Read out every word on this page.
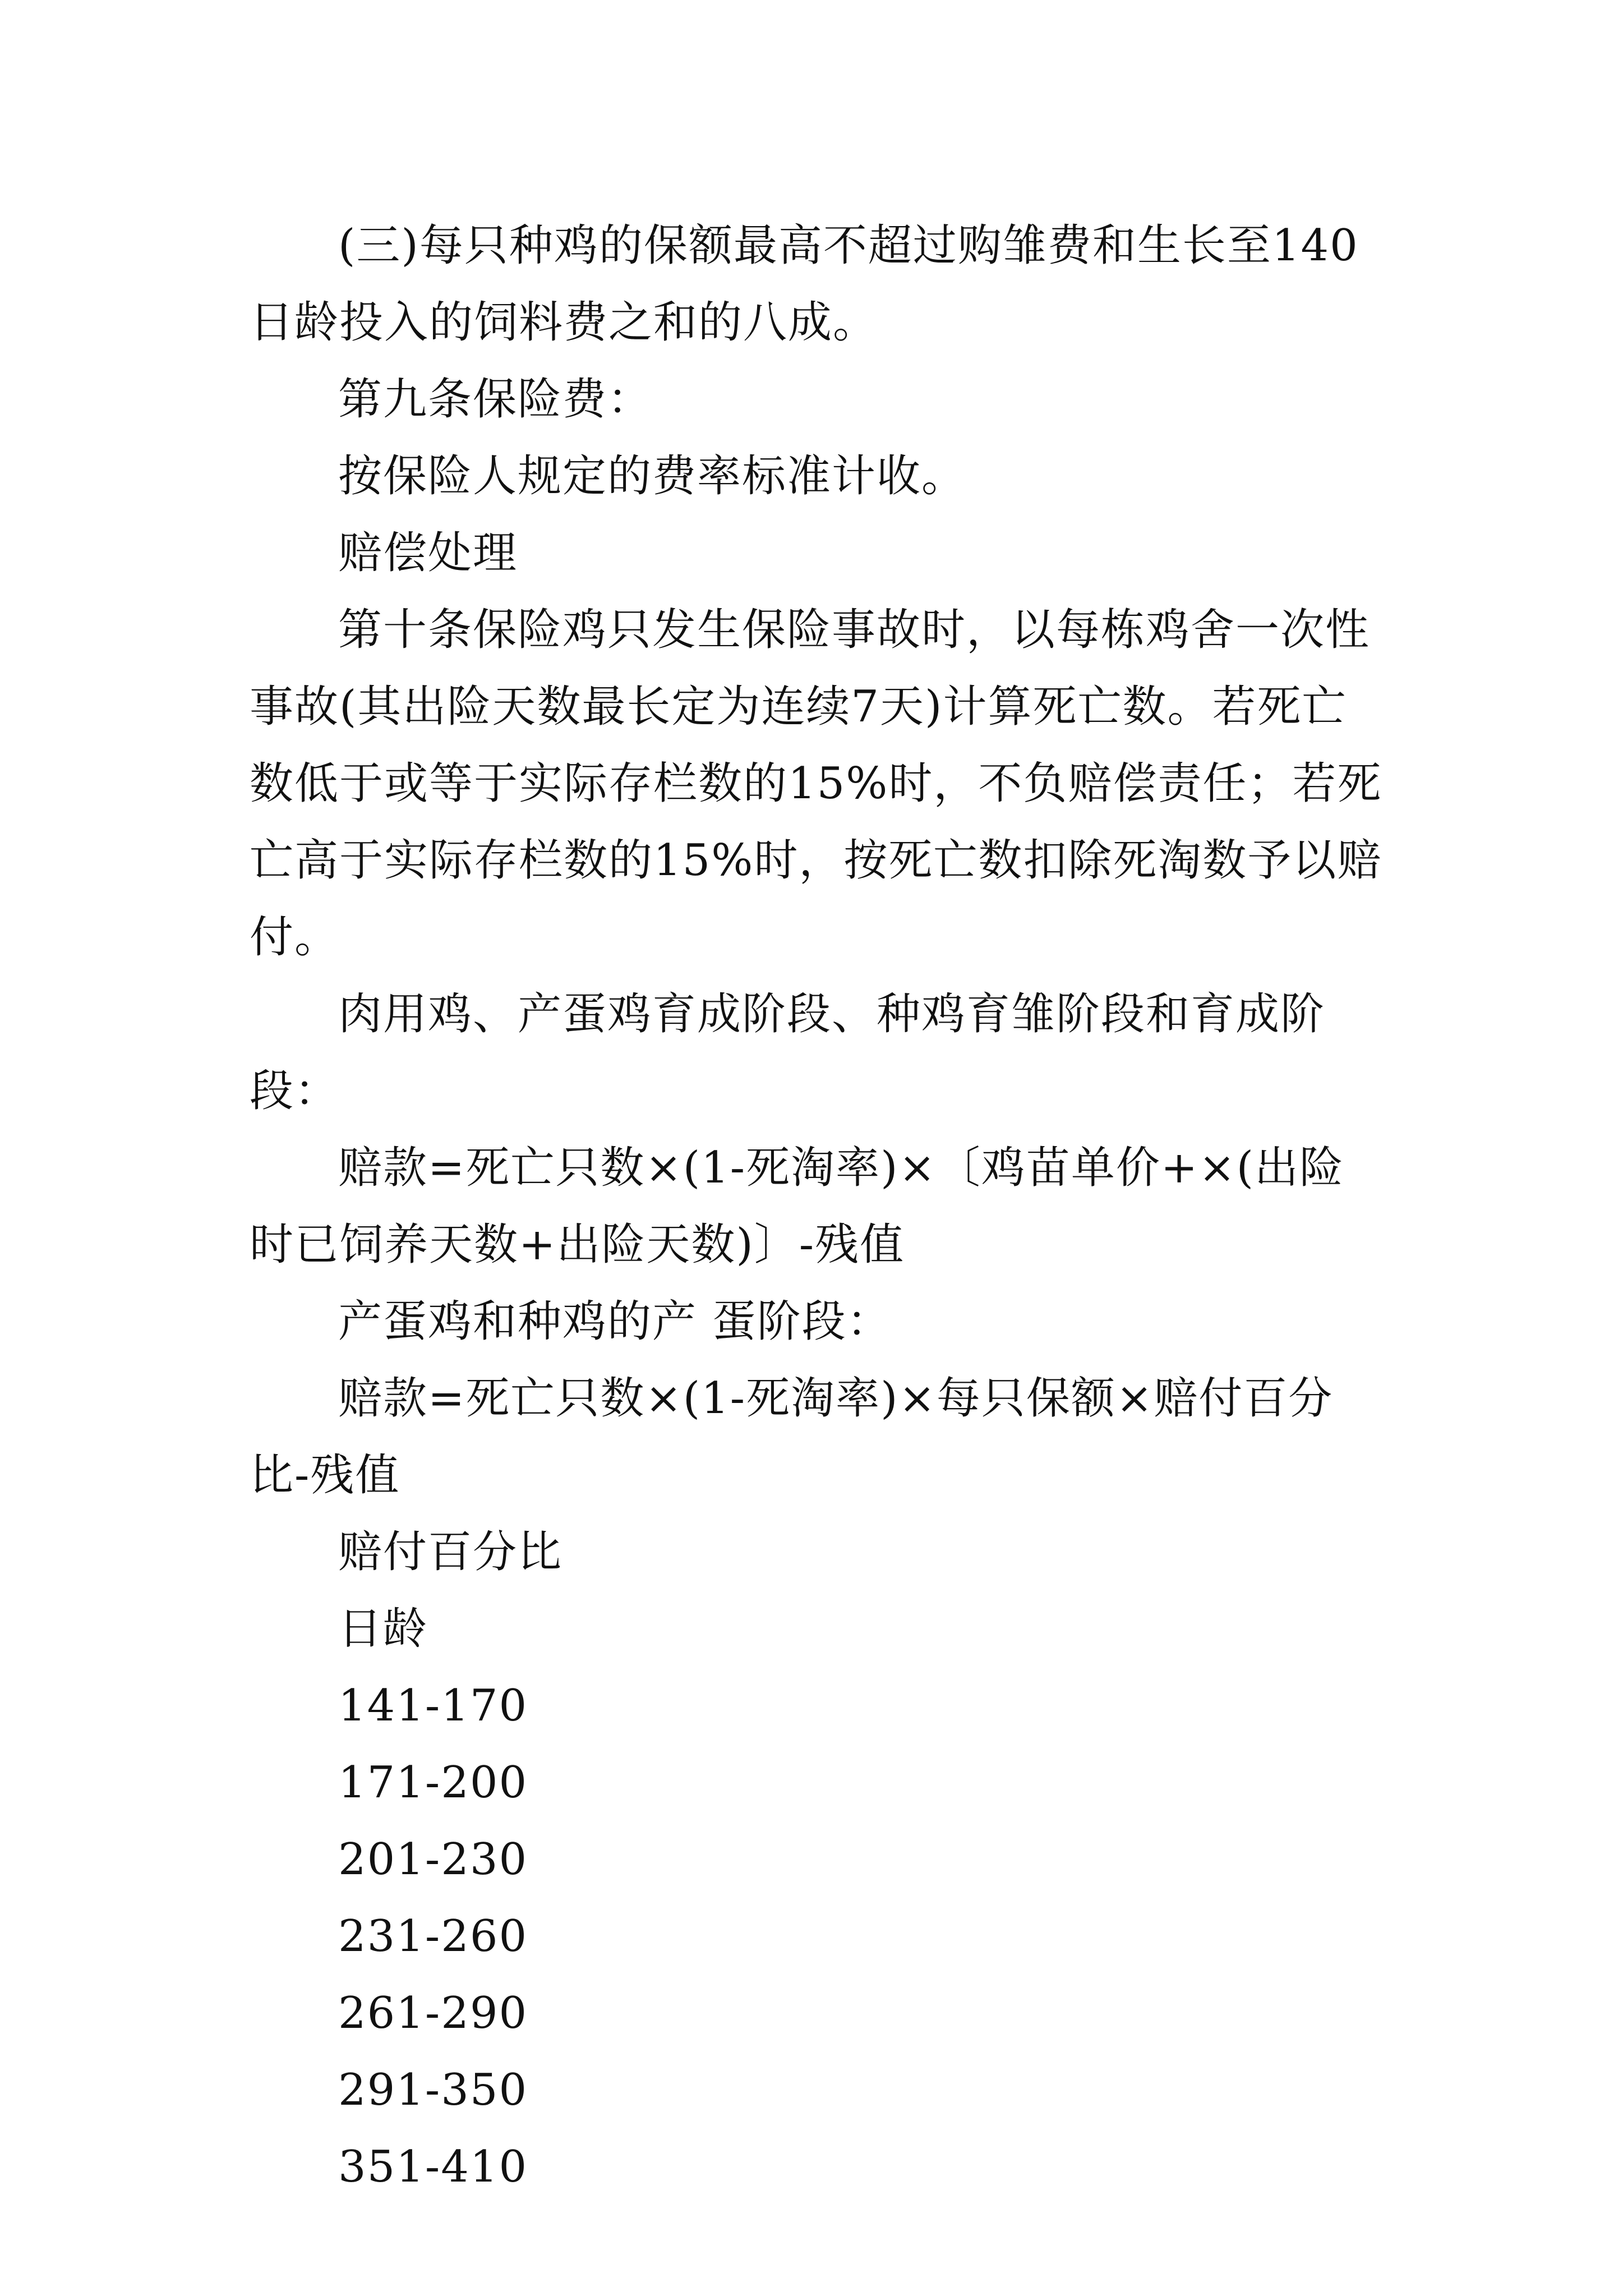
(三)每只种鸡的保额最高不超过购雏费和生长至140日龄投入的饲料费之和的八成。

第九条保险费：

按保险人规定的费率标准计收。

赔偿处理

第十条保险鸡只发生保险事故时，以每栋鸡舍一次性事故(其出险天数最长定为连续7天)计算死亡数。若死亡数低于或等于实际存栏数的15%时，不负赔偿责任；若死亡高于实际存栏数的15%时，按死亡数扣除死淘数予以赔付。

肉用鸡、产蛋鸡育成阶段、种鸡育雏阶段和育成阶段：

赔款=死亡只数×(1-死淘率)×〔鸡苗单价+×(出险时已饲养天数+出险天数)〕-残值

产蛋鸡和种鸡的产 蛋阶段：

赔款=死亡只数×(1-死淘率)×每只保额×赔付百分比-残值

赔付百分比

日龄

141-170

171-200

201-230

231-260

261-290

291-350

351-410
